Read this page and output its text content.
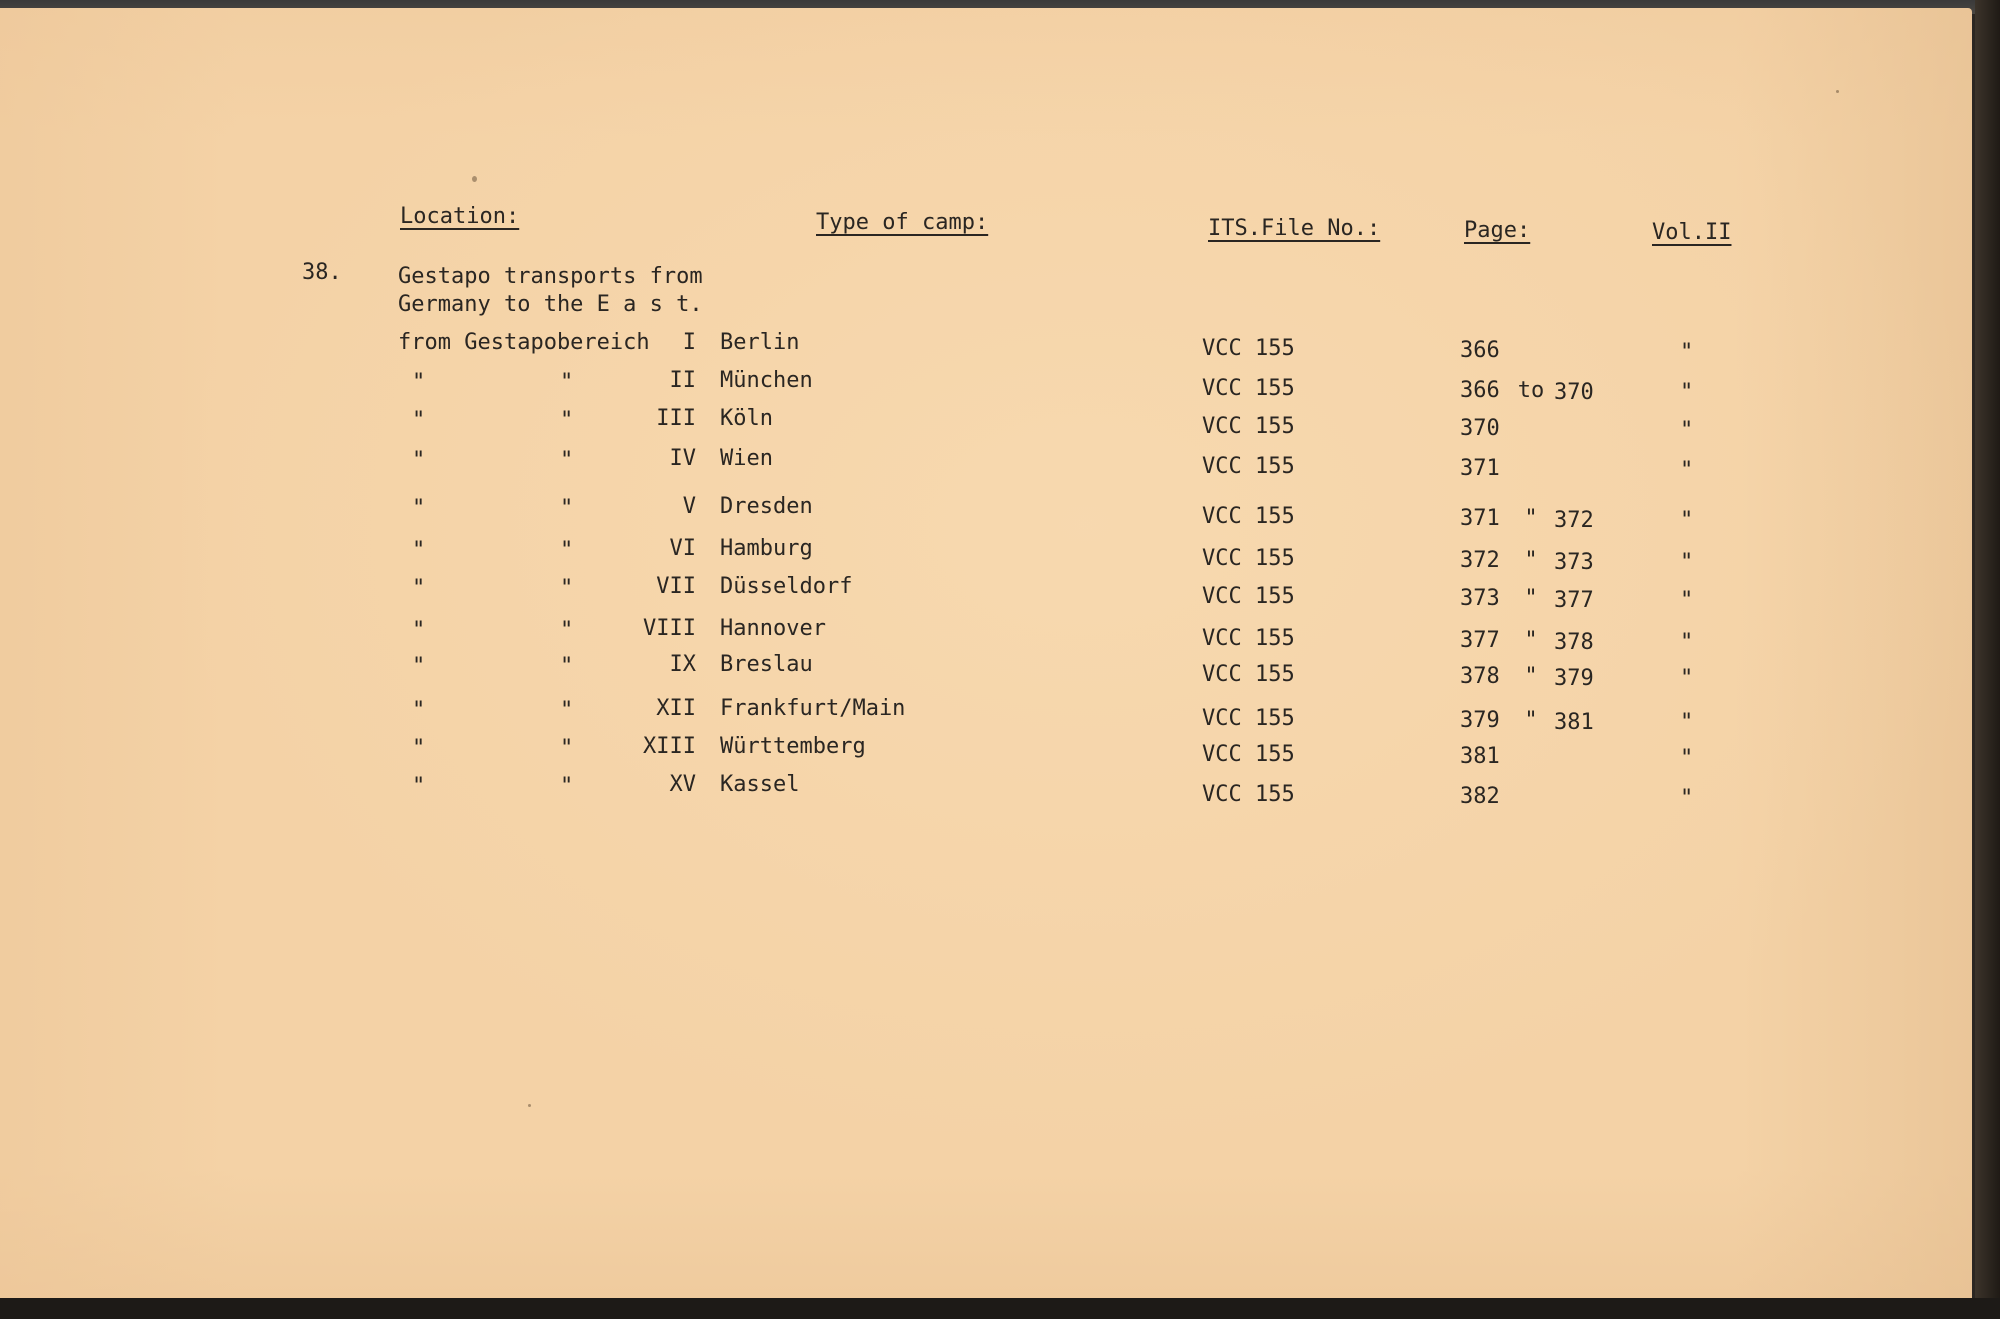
Location:	Type of camp:	ITS.File No.:	Page:	Vol.II
38.	Gestapo transports from
Germany to the E a s t.
from Gestapobereich	I Berlin	VCC 155	366	"
"	"	II München	VCC 155	366 to 370	"
"	"	III Köln	VCC 155	370	"
"	"	IV Wien	VCC 155	371	"
"	"	V Dresden	VCC 155	371	" 372	"
"	"	VI Hamburg	VCC 155	372	" 373	"
"	"	VII Düsseldorf	VCC 155	373	" 377	"
"	"	VIII Hannover	VCC 155	377	" 378	"
"	"	IX Breslau	VCC 155	378	" 379	"
"	"	XII Frankfurt/Main	VCC 155	379	" 381	"
"	"	XIII Württemberg	VCC 155	381	"
"	"	XV Kassel	VCC 155	382	"
